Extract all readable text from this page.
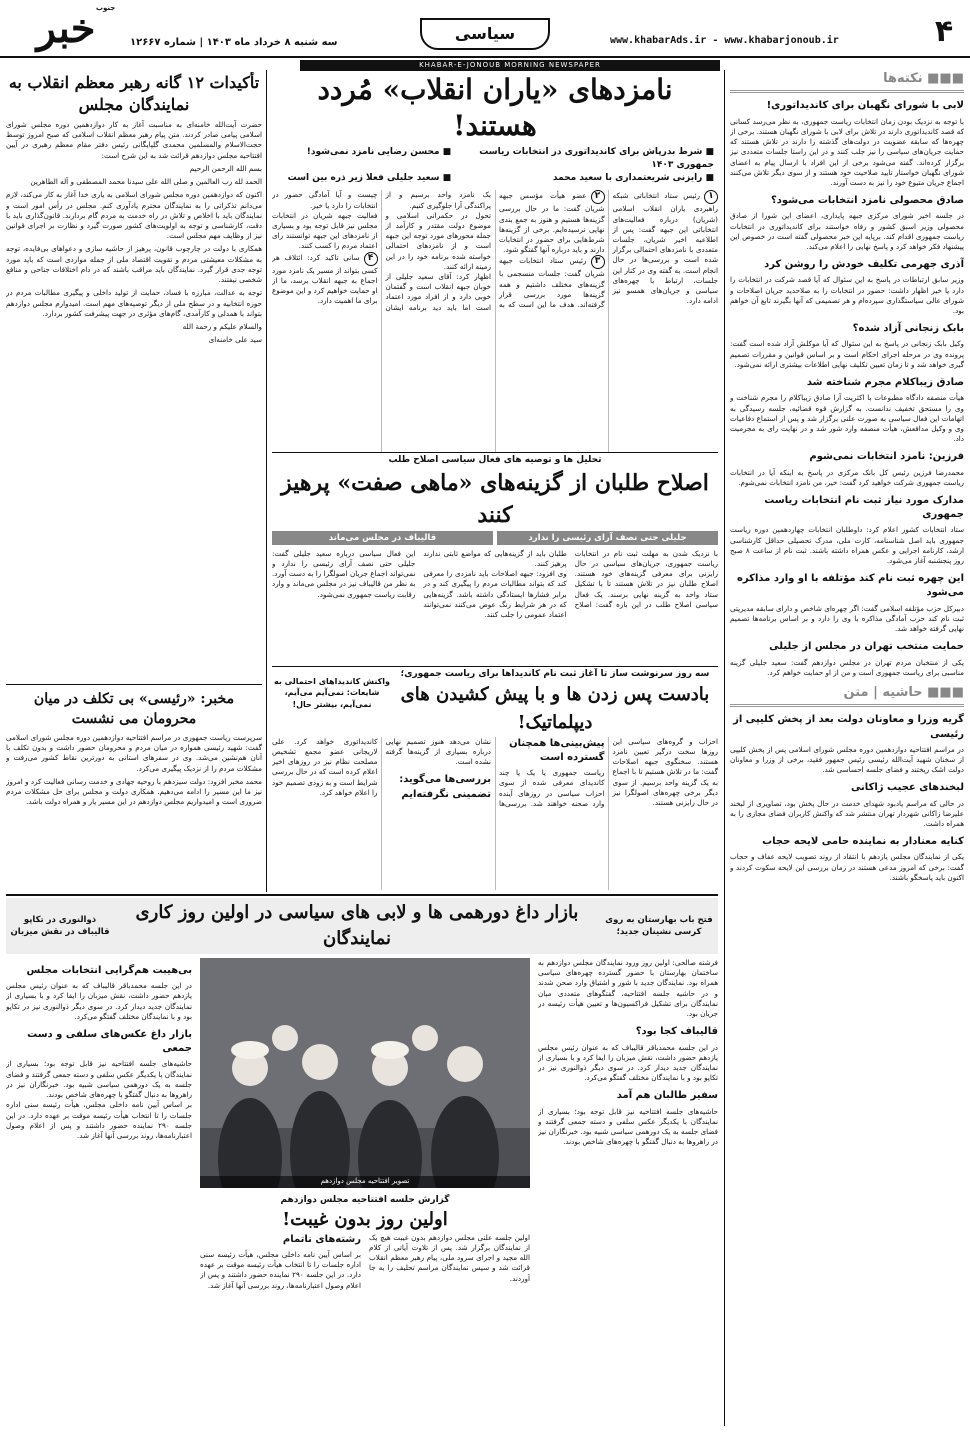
خبر جنوب
سه شنبه ۸ خرداد ماه ۱۴۰۳ | شماره ۱۲۶۶۷	سیاسی	www.khabarAds.ir - www.khabarjonoub.ir	۴
KHABAR-E-JONOUB MORNING NEWSPAPER
■■■ نکته‌ها
لابی با شورای نگهبان برای کاندیداتوری!

با توجه به نزدیک بودن زمان انتخابات ریاست جمهوری، به نظر می‌رسد کسانی که قصد کاندیداتوری دارند در تلاش برای لابی با شورای نگهبان هستند. برخی از چهره‌ها که سابقه عضویت در دولت‌های گذشته را دارند در تلاش هستند که حمایت جریان‌های سیاسی را نیز جلب کنند و در این راستا جلسات متعددی نیز برگزار کرده‌اند. گفته می‌شود برخی از این افراد با ارسال پیام به اعضای شورای نگهبان خواستار تایید صلاحیت خود هستند و از سوی دیگر تلاش می‌کنند اجماع جریان متبوع خود را نیز به دست آورند.

صادق محصولی نامزد انتخابات می‌شود؟

در جلسه اخیر شورای مرکزی جبهه پایداری، اعضای این شورا از صادق محصولی وزیر اسبق کشور و رفاه خواستند برای کاندیداتوری در انتخابات ریاست جمهوری اقدام کند. برپایه این خبر محصولی گفته است در خصوص این پیشنهاد فکر خواهد کرد و پاسخ نهایی را اعلام می‌کند.

آذری جهرمی تکلیف خودش را روشن کرد

وزیر سابق ارتباطات در پاسخ به این سئوال که آیا قصد شرکت در انتخابات را دارد یا خیر اظهار داشت: حضور در انتخابات را به صلاحدید جریان اصلاحات و شورای عالی سیاستگذاری سپرده‌ام و هر تصمیمی که آنها بگیرند تابع آن خواهم بود.

بابک زنجانی آزاد شده؟

وکیل بابک زنجانی در پاسخ به این سئوال که آیا موکلش آزاد شده است گفت: پرونده وی در مرحله اجرای احکام است و بر اساس قوانین و مقررات تصمیم گیری خواهد شد و تا زمان تعیین تکلیف نهایی اطلاعات بیشتری ارائه نمی‌شود.

صادق زیباکلام مجرم شناخته شد

هیأت منصفه دادگاه مطبوعات با اکثریت آرا صادق زیباکلام را مجرم شناخت و وی را مستحق تخفیف ندانست. به گزارش قوه قضائیه، جلسه رسیدگی به اتهامات این فعال سیاسی به صورت علنی برگزار شد و پس از استماع دفاعیات وی و وکیل مدافعش، هیأت منصفه وارد شور شد و در نهایت رای به مجرمیت داد.

فرزین: نامزد انتخابات نمی‌شوم

محمدرضا فرزین رئیس کل بانک مرکزی در پاسخ به اینکه آیا در انتخابات ریاست جمهوری شرکت خواهید کرد گفت: خیر، من نامزد انتخابات نمی‌شوم.

مدارک مورد نیاز ثبت نام انتخابات ریاست جمهوری

ستاد انتخابات کشور اعلام کرد: داوطلبان انتخابات چهاردهمین دوره ریاست جمهوری باید اصل شناسنامه، کارت ملی، مدرک تحصیلی حداقل کارشناسی ارشد، کارنامه اجرایی و عکس همراه داشته باشند. ثبت نام از ساعت ۸ صبح روز پنجشنبه آغاز می‌شود.

این چهره ثبت نام کند مؤتلفه با او وارد مذاکره می‌شود

دبیرکل حزب مؤتلفه اسلامی گفت: اگر چهره‌ای شاخص و دارای سابقه مدیریتی ثبت نام کند حزب آمادگی مذاکره با وی را دارد و بر اساس برنامه‌ها تصمیم نهایی گرفته خواهد شد.

حمایت منتخب تهران در مجلس از جلیلی

یکی از منتخبان مردم تهران در مجلس دوازدهم گفت: سعید جلیلی گزینه مناسبی برای ریاست جمهوری است و من از او حمایت خواهم کرد.

■■■ حاشیه | متن
گریه وزرا و معاونان دولت بعد از پخش کلیپی از رئیسی

در مراسم افتتاحیه دوازدهمین دوره مجلس شورای اسلامی پس از پخش کلیپی از سخنان شهید آیت‌الله رئیسی رئیس جمهور فقید، برخی از وزرا و معاونان دولت اشک ریختند و فضای جلسه احساسی شد.

لبخندهای عجیب ژاکانی

در حالی که مراسم یادبود شهدای خدمت در حال پخش بود، تصاویری از لبخند علیرضا زاکانی شهردار تهران منتشر شد که واکنش کاربران فضای مجازی را به همراه داشت.

کنایه معنادار به نماینده حامی لایحه حجاب

یکی از نمایندگان مجلس یازدهم با انتقاد از روند تصویب لایحه عفاف و حجاب گفت: برخی که امروز مدعی هستند در زمان بررسی این لایحه سکوت کردند و اکنون باید پاسخگو باشند.

نامزدهای «یاران انقلاب» مُردد هستند!
■ شرط بدرپاش برای کاندیداتوری در انتخابات ریاست جمهوری ۱۴۰۳
■ محسن رضایی نامزد نمی‌شود!
■ رایزنی شریعتمداری با سعید محمد
■ سعید جلیلی فعلا زیر ذره بین است

۱رئیس ستاد انتخاباتی شبکه راهبردی یاران انقلاب اسلامی (شریان) درباره فعالیت‌های انتخاباتی این جبهه گفت: پس از اطلاعیه اخیر شریان، جلسات متعددی با نامزدهای احتمالی برگزار شده است و بررسی‌ها در حال انجام است. به گفته وی در کنار این جلسات، ارتباط با چهره‌های سیاسی و جریان‌های همسو نیز ادامه دارد.

۲عضو هیأت مؤسس جبهه شریان گفت: ما در حال بررسی گزینه‌ها هستیم و هنوز به جمع بندی نهایی نرسیده‌ایم. برخی از گزینه‌ها شرط‌هایی برای حضور در انتخابات دارند و باید درباره آنها گفتگو شود.

۳رئیس ستاد انتخابات جبهه شریان گفت: جلسات منسجمی با گزینه‌های مختلف داشتیم و همه گزینه‌ها مورد بررسی قرار گرفته‌اند. هدف ما این است که به یک نامزد واحد برسیم و از پراکندگی آرا جلوگیری کنیم.

تحول در حکمرانی اسلامی و موضوع دولت مقتدر و کارآمد از جمله محورهای مورد توجه این جبهه است و از نامزدهای احتمالی خواسته شده برنامه خود را در این زمینه ارائه کنند.

اظهار کرد: آقای سعید جلیلی از خوبان جبهه انقلاب است و گفتمان خوبی دارد و از افراد مورد اعتماد است اما باید دید برنامه ایشان چیست و آیا آمادگی حضور در انتخابات را دارد یا خیر.

فعالیت جبهه شریان در انتخابات مجلس نیز قابل توجه بود و بسیاری از نامزدهای این جبهه توانستند رای اعتماد مردم را کسب کنند.

۴سانی تاکید کرد: ائتلاف هر کسی بتواند از مسیر یک نامزد مورد اجماع به جبهه انقلاب برسد، ما از او حمایت خواهیم کرد و این موضوع برای ما اهمیت دارد.

تحلیل ها و توصیه های فعال سیاسی اصلاح طلب
اصلاح طلبان از گزینه‌های «ماهی صفت» پرهیز کنند
جلیلی حتی نصف آرای رئیسی را ندارد
قالیباف در مجلس می‌ماند

با نزدیک شدن به مهلت ثبت نام در انتخابات ریاست جمهوری، جریان‌های سیاسی در حال رایزنی برای معرفی گزینه‌های خود هستند. اصلاح طلبان نیز در تلاش هستند تا با تشکیل ستاد واحد به گزینه نهایی برسند. یک فعال سیاسی اصلاح طلب در این باره گفت: اصلاح طلبان باید از گزینه‌هایی که مواضع ثابتی ندارند پرهیز کنند.

وی افزود: جبهه اصلاحات باید نامزدی را معرفی کند که بتواند مطالبات مردم را پیگیری کند و در برابر فشارها ایستادگی داشته باشد. گزینه‌هایی که در هر شرایط رنگ عوض می‌کنند نمی‌توانند اعتماد عمومی را جلب کنند.

این فعال سیاسی درباره سعید جلیلی گفت: جلیلی حتی نصف آرای رئیسی را ندارد و نمی‌تواند اجماع جریان اصولگرا را به دست آورد. به نظر من قالیباف نیز در مجلس می‌ماند و وارد رقابت ریاست جمهوری نمی‌شود.

سه روز سرنوشت ساز تا آغاز ثبت نام کاندیداها برای ریاست جمهوری؛
بادست پس زدن ها و با پیش کشیدن های دیپلماتیک!
واکنش کاندیداهای احتمالی به شایعات: نمی‌آیم می‌آیم، نمی‌آیم، بیشتر حال!

احزاب و گروه‌های سیاسی این روزها سخت درگیر تعیین نامزد هستند. سخنگوی جبهه اصلاحات گفت: ما در تلاش هستیم تا با اجماع به یک گزینه واحد برسیم. از سوی دیگر برخی چهره‌های اصولگرا نیز در حال رایزنی هستند.

پیش‌بینی‌ها همچنان گسترده است

ریاست جمهوری یا یک یا چند کاندیدای معرفی شده از سوی احزاب سیاسی در روزهای آینده وارد صحنه خواهند شد. بررسی‌ها نشان می‌دهد هنوز تصمیم نهایی درباره بسیاری از گزینه‌ها گرفته نشده است.

بررسی‌ها می‌گوید: تضمینی نگرفته‌ایم

کاندیداتوری خواهد کرد. علی لاریجانی عضو مجمع تشخیص مصلحت نظام نیز در روزهای اخیر اعلام کرده است که در حال بررسی شرایط است و به زودی تصمیم خود را اعلام خواهد کرد.

تأکیدات ۱۲ گانه رهبر معظم انقلاب به نمایندگان مجلس

حضرت آیت‌الله خامنه‌ای به مناسبت آغاز به کار دوازدهمین دوره مجلس شورای اسلامی پیامی صادر کردند. متن پیام رهبر معظم انقلاب اسلامی که صبح امروز توسط حجت‌الاسلام والمسلمین محمدی گلپایگانی رئیس دفتر مقام معظم رهبری در آیین افتتاحیه مجلس دوازدهم قرائت شد به این شرح است:

بسم الله الرحمن الرحیم

الحمد لله رب العالمین و صلی الله علی سیدنا محمد المصطفی و آله الطاهرین

اکنون که دوازدهمین دوره مجلس شورای اسلامی به یاری خدا آغاز به کار می‌کند، لازم می‌دانم تذکراتی را به نمایندگان محترم یادآوری کنم. مجلس در رأس امور است و نمایندگان باید با اخلاص و تلاش در راه خدمت به مردم گام بردارند. قانون‌گذاری باید با دقت، کارشناسی و توجه به اولویت‌های کشور صورت گیرد و نظارت بر اجرای قوانین نیز از وظایف مهم مجلس است.

همکاری با دولت در چارچوب قانون، پرهیز از حاشیه سازی و دعواهای بی‌فایده، توجه به مشکلات معیشتی مردم و تقویت اقتصاد ملی از جمله مواردی است که باید مورد توجه جدی قرار گیرد. نمایندگان باید مراقب باشند که در دام اختلافات جناحی و منافع شخصی نیفتند.

توجه به عدالت، مبارزه با فساد، حمایت از تولید داخلی و پیگیری مطالبات مردم در حوزه انتخابیه و در سطح ملی از دیگر توصیه‌های مهم است. امیدوارم مجلس دوازدهم بتواند با همدلی و کارآمدی، گام‌های مؤثری در جهت پیشرفت کشور بردارد.

والسلام علیکم و رحمة الله

سید علی خامنه‌ای

مخبر: «رئیسی» بی تکلف در میان محرومان می نشست

سرپرست ریاست جمهوری در مراسم افتتاحیه دوازدهمین دوره مجلس شورای اسلامی گفت: شهید رئیسی همواره در میان مردم و محرومان حضور داشت و بدون تکلف با آنان هم‌نشین می‌شد. وی در سفرهای استانی به دورترین نقاط کشور می‌رفت و مشکلات مردم را از نزدیک پیگیری می‌کرد.

محمد مخبر افزود: دولت سیزدهم با روحیه جهادی و خدمت رسانی فعالیت کرد و امروز نیز ما این مسیر را ادامه می‌دهیم. همکاری دولت و مجلس برای حل مشکلات مردم ضروری است و امیدواریم مجلس دوازدهم در این مسیر یار و همراه دولت باشد.

فتح باب بهارستان به روی کرسی نشینان جدید؛
بازار داغ دورهمی ها و لابی های سیاسی در اولین روز کاری نمایندگان
ذوالنوری در تکاپو قالیباف در نقش میزبان

فرشته صالحی: اولین روز ورود نمایندگان مجلس دوازدهم به ساختمان بهارستان با حضور گسترده چهره‌های سیاسی همراه بود. نمایندگان جدید با شور و اشتیاق وارد صحن شدند و در حاشیه جلسه افتتاحیه، گفتگوهای متعددی میان نمایندگان برای تشکیل فراکسیون‌ها و تعیین هیأت رئیسه در جریان بود.

قالیباف کجا بود؟

در این جلسه محمدباقر قالیباف که به عنوان رئیس مجلس یازدهم حضور داشت، نقش میزبان را ایفا کرد و با بسیاری از نمایندگان جدید دیدار کرد. در سوی دیگر ذوالنوری نیز در تکاپو بود و با نمایندگان مختلف گفتگو می‌کرد.

سفیر طالبان هم آمد

حاشیه‌های جلسه افتتاحیه نیز قابل توجه بود؛ بسیاری از نمایندگان با یکدیگر عکس سلفی و دسته جمعی گرفتند و فضای جلسه به یک دورهمی سیاسی شبیه بود. خبرنگاران نیز در راهروها به دنبال گفتگو با چهره‌های شاخص بودند.

تصویر افتتاحیه مجلس دوازدهم
گزارش جلسه افتتاحیه مجلس دوازدهم
اولین روز بدون غیبت!

اولین جلسه علنی مجلس دوازدهم بدون غیبت هیچ یک از نمایندگان برگزار شد. پس از تلاوت آیاتی از کلام الله مجید و اجرای سرود ملی، پیام رهبر معظم انقلاب قرائت شد و سپس نمایندگان مراسم تحلیف را به جا آوردند.

رشته‌های ناتمام

بر اساس آیین نامه داخلی مجلس، هیأت رئیسه سنی اداره جلسات را تا انتخاب هیأت رئیسه موقت بر عهده دارد. در این جلسه ۲۹۰ نماینده حضور داشتند و پس از اعلام وصول اعتبارنامه‌ها، روند بررسی آنها آغاز شد.

بی‌هیبت هم‌گرایی انتخابات مجلس

در این جلسه محمدباقر قالیباف که به عنوان رئیس مجلس یازدهم حضور داشت، نقش میزبان را ایفا کرد و با بسیاری از نمایندگان جدید دیدار کرد. در سوی دیگر ذوالنوری نیز در تکاپو بود و با نمایندگان مختلف گفتگو می‌کرد.

بازار داغ عکس‌های سلفی و دست جمعی

حاشیه‌های جلسه افتتاحیه نیز قابل توجه بود؛ بسیاری از نمایندگان با یکدیگر عکس سلفی و دسته جمعی گرفتند و فضای جلسه به یک دورهمی سیاسی شبیه بود. خبرنگاران نیز در راهروها به دنبال گفتگو با چهره‌های شاخص بودند.

بر اساس آیین نامه داخلی مجلس، هیأت رئیسه سنی اداره جلسات را تا انتخاب هیأت رئیسه موقت بر عهده دارد. در این جلسه ۲۹۰ نماینده حضور داشتند و پس از اعلام وصول اعتبارنامه‌ها، روند بررسی آنها آغاز شد.
